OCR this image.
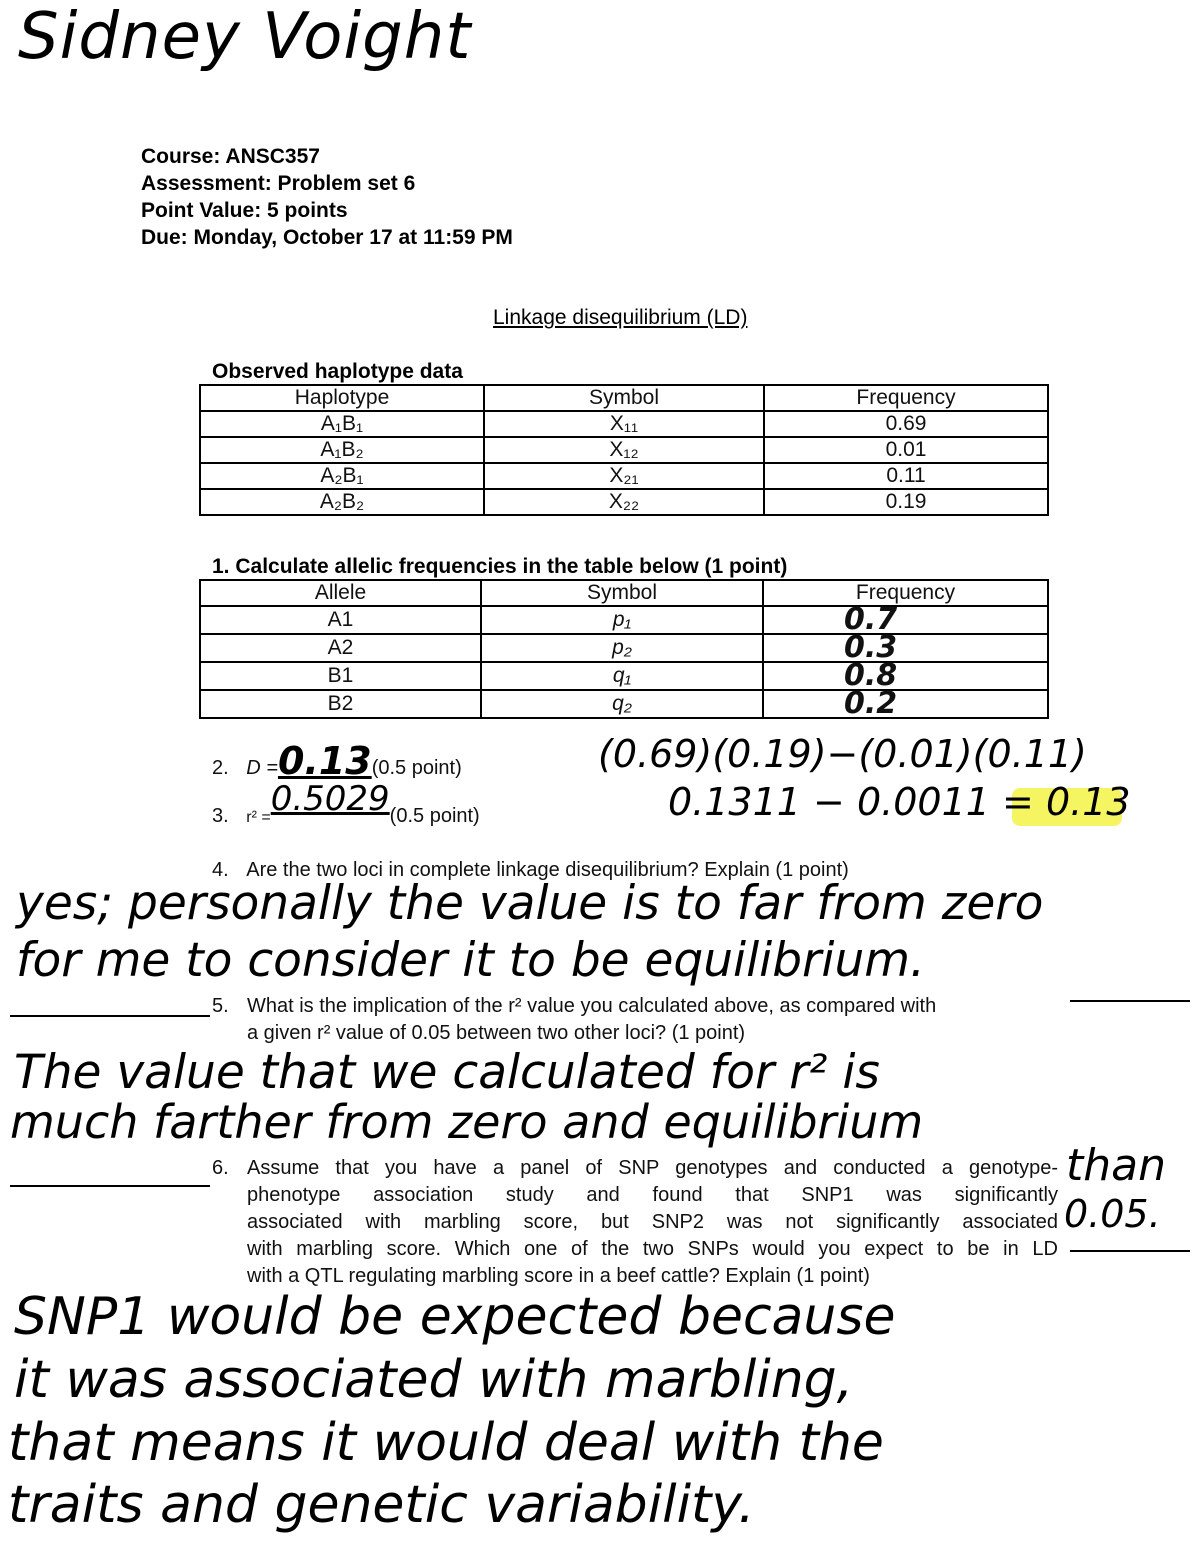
Sidney Voight
Course: ANSC357
Assessment: Problem set 6
Point Value: 5 points
Due: Monday, October 17 at 11:59 PM
Linkage disequilibrium (LD)
Observed haplotype data
Haplotype	Symbol	Frequency
A₁B₁	X₁₁	0.69
A₁B₂	X₁₂	0.01
A₂B₁	X₂₁	0.11
A₂B₂	X₂₂	0.19
1. Calculate allelic frequencies in the table below (1 point)
Allele	Symbol	Frequency
A1	p₁	0.7
A2	p₂	0.3
B1	q₁	0.8
B2	q₂	0.2
2. D =0.13(0.5 point)
3. r² =0.5029(0.5 point)
(0.69)(0.19)−(0.01)(0.11)
0.1311 − 0.0011 = 0.13
4. Are the two loci in complete linkage disequilibrium? Explain (1 point)
yes; personally the value is to far from zero
for me to consider it to be equilibrium.
5. What is the implication of the r² value you calculated above, as compared with
a given r² value of 0.05 between two other loci? (1 point)
The value that we calculated for r² is
much farther from zero and equilibrium
than
0.05.
6. Assume that you have a panel of SNP genotypes and conducted a genotype-
phenotype association study and found that SNP1 was significantly
associated with marbling score, but SNP2 was not significantly associated
with marbling score. Which one of the two SNPs would you expect to be in LD
with a QTL regulating marbling score in a beef cattle? Explain (1 point)
SNP1 would be expected because
it was associated with marbling,
that means it would deal with the
traits and genetic variability.
